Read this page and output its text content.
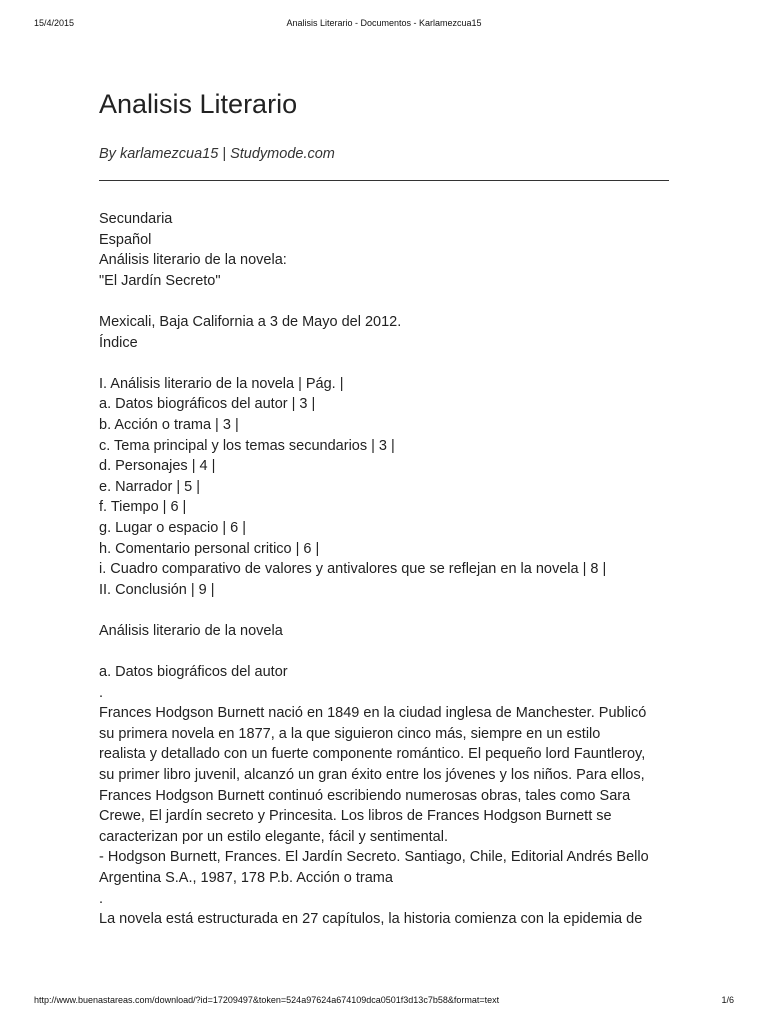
15/4/2015	Analisis Literario - Documentos - Karlamezcua15
Analisis Literario
By karlamezcua15 | Studymode.com
Secundaria
Español
Análisis literario de la novela:
"El Jardín Secreto"
Mexicali, Baja California a 3 de Mayo del 2012.
Índice
I. Análisis literario de la novela | Pág. |
a. Datos biográficos del autor | 3 |
b. Acción o trama | 3 |
c. Tema principal y los temas secundarios | 3 |
d. Personajes | 4 |
e. Narrador | 5 |
f. Tiempo | 6 |
g. Lugar o espacio | 6 |
h. Comentario personal critico | 6 |
i. Cuadro comparativo de valores y antivalores que se reflejan en la novela | 8 |
II. Conclusión | 9 |
Análisis literario de la novela
a. Datos biográficos del autor
.
Frances Hodgson Burnett nació en 1849 en la ciudad inglesa de Manchester. Publicó
su primera novela en 1877, a la que siguieron cinco más, siempre en un estilo
realista y detallado con un fuerte componente romántico. El pequeño lord Fauntleroy,
su primer libro juvenil, alcanzó un gran éxito entre los jóvenes y los niños. Para ellos,
Frances Hodgson Burnett continuó escribiendo numerosas obras, tales como Sara
Crewe, El jardín secreto y Princesita. Los libros de Frances Hodgson Burnett se
caracterizan por un estilo elegante, fácil y sentimental.
- Hodgson Burnett, Frances. El Jardín Secreto. Santiago, Chile, Editorial Andrés Bello
Argentina S.A., 1987, 178 P.b. Acción o trama
.
La novela está estructurada en 27 capítulos, la historia comienza con la epidemia de
http://www.buenastareas.com/download/?id=17209497&token=524a97624a674109dca0501f3d13c7b58&format=text	1/6
